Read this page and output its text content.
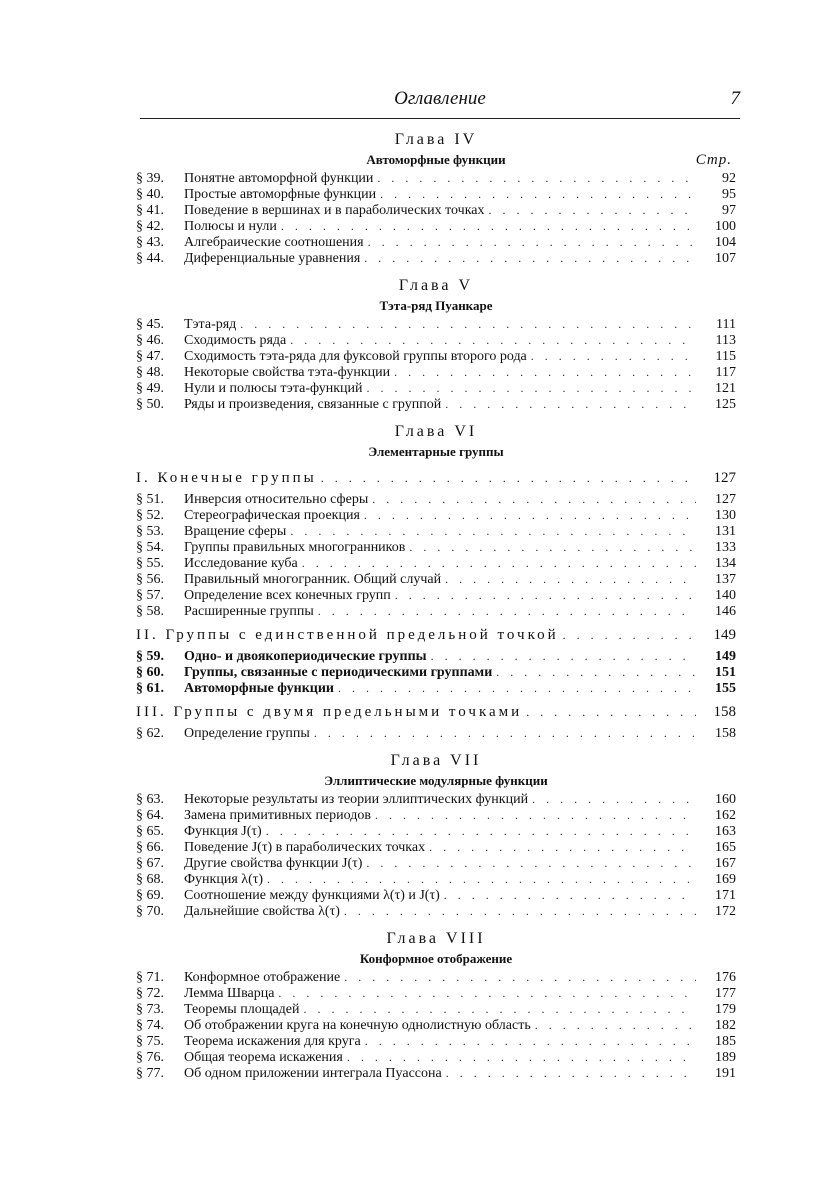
Оглавление	7
Глава IV
Автоморфные функции	Стр.
§ 39.	Понятне автоморфной функции . . .	92
§ 40.	Простые автоморфные функции . . .	95
§ 41.	Поведение в вершинах и в параболических точках . . .	97
§ 42.	Полюсы и нули . . .	100
§ 43.	Алгебраические соотношения . . .	104
§ 44.	Диференциальные уравнения . . .	107
Глава V
Тэта-ряд Пуанкаре
§ 45.	Тэта-ряд . . .	111
§ 46.	Сходимость ряда . . .	113
§ 47.	Сходимость тэта-ряда для фуксовой группы второго рода . . .	115
§ 48.	Некоторые свойства тэта-функции . . .	117
§ 49.	Нули и полюсы тэта-функций . . .	121
§ 50.	Ряды и произведения, связанные с группой . . .	125
Глава VI
Элементарные группы
I. Конечные группы . . .	127
§ 51.	Инверсия относительно сферы . . .	127
§ 52.	Стереографическая проекция . . .	130
§ 53.	Вращение сферы . . .	131
§ 54.	Группы правильных многогранников . . .	133
§ 55.	Исследование куба . . .	134
§ 56.	Правильный многогранник. Общий случай . . .	137
§ 57.	Определение всех конечных групп . . .	140
§ 58.	Расширенные группы . . .	146
II. Группы с единственной предельной точкой . . .	149
§ 59.	Одно- и двоякопериодические группы . . .	149
§ 60.	Группы, связанные с периодическими группами . . .	151
§ 61.	Автоморфные функции . . .	155
III. Группы с двумя предельными точками . . .	158
§ 62.	Определение группы . . .	158
Глава VII
Эллиптические модулярные функции
§ 63.	Некоторые результаты из теории эллиптических функций . . .	160
§ 64.	Замена примитивных периодов . . .	162
§ 65.	Функция J(τ) . . .	163
§ 66.	Поведение J(τ) в параболических точках . . .	165
§ 67.	Другие свойства функции J(τ) . . .	167
§ 68.	Функция λ(τ) . . .	169
§ 69.	Соотношение между функциями λ(τ) и J(τ) . . .	171
§ 70.	Дальнейшие свойства λ(τ) . . .	172
Глава VIII
Конформное отображение
§ 71.	Конформное отображение . . .	176
§ 72.	Лемма Шварца . . .	177
§ 73.	Теоремы площадей . . .	179
§ 74.	Об отображении круга на конечную однолистную область . . .	182
§ 75.	Теорема искажения для круга . . .	185
§ 76.	Общая теорема искажения . . .	189
§ 77.	Об одном приложении интеграла Пуассона . . .	191
